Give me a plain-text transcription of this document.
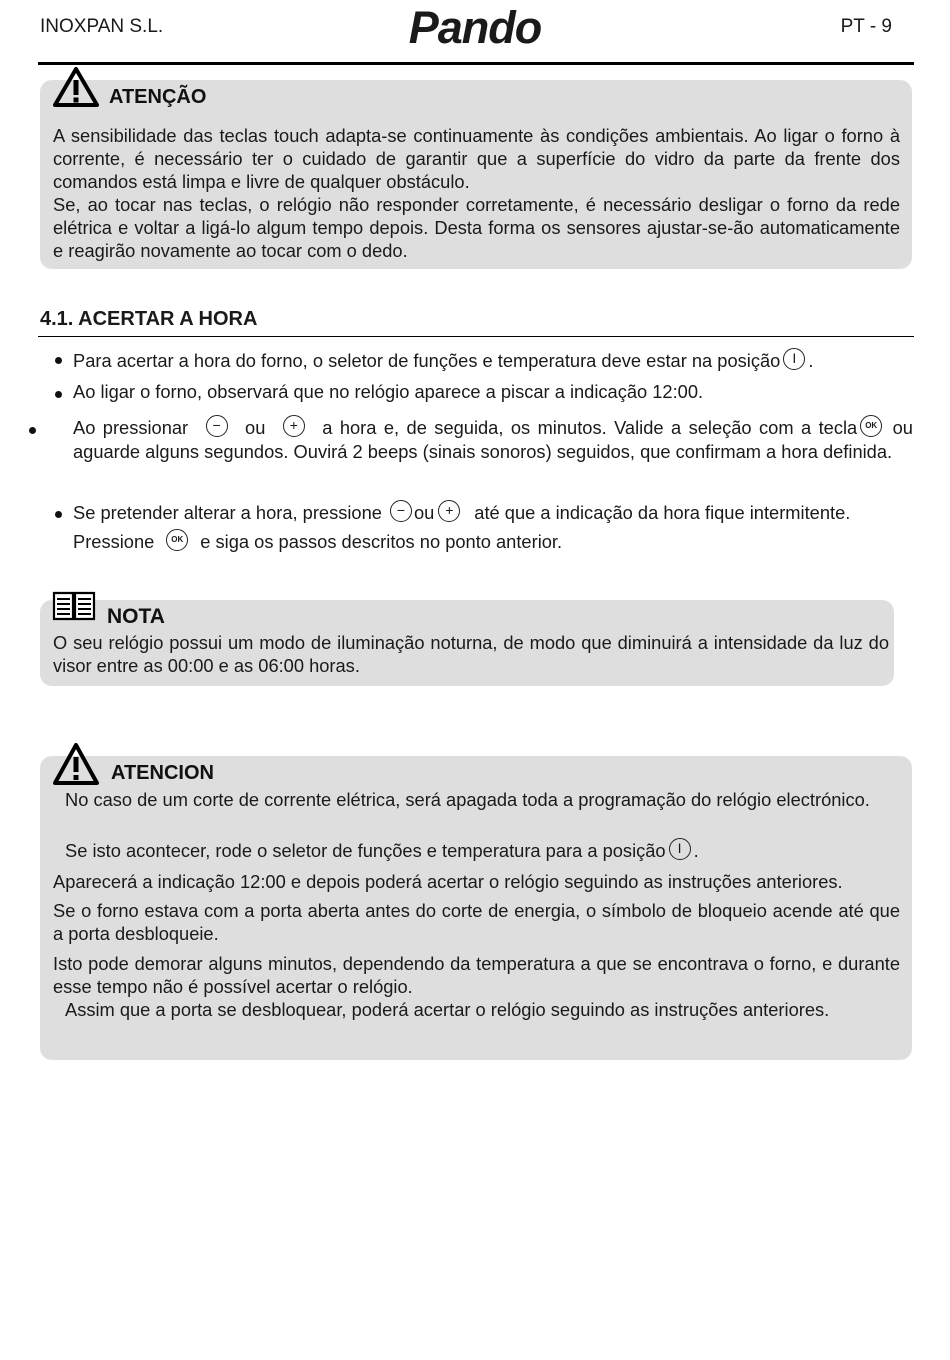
INOXPAN S.L.	Pando	PT - 9
ATENÇÃO
A sensibilidade das teclas touch adapta-se continuamente às condições ambientais. Ao ligar o forno à corrente, é necessário ter o cuidado de garantir que a superfície do vidro da parte da frente dos comandos está limpa e livre de qualquer obstáculo.
Se, ao tocar nas teclas, o relógio não responder corretamente, é necessário desligar o forno da rede elétrica e voltar a ligá-lo algum tempo depois. Desta forma os sensores ajustar-se-ão automaticamente e reagirão novamente ao tocar com o dedo.
4.1. ACERTAR A HORA
Para acertar a hora do forno, o seletor de funções e temperatura deve estar na posição I .
Ao ligar o forno, observará que no relógio aparece a piscar a indicação 12:00.
Ao pressionar	−	ou	+	a hora e, de seguida, os minutos. Valide a seleção com a tecla	OK ou aguarde alguns segundos. Ouvirá 2 beeps (sinais sonoros) seguidos, que confirmam a hora definida.
Se pretender alterar a hora, pressione	− ou +	até que a indicação da hora fique intermitente.
Pressione	OK e siga os passos descritos no ponto anterior.
NOTA
O seu relógio possui um modo de iluminação noturna, de modo que diminuirá a intensidade da luz do visor entre as 00:00 e as 06:00 horas.
ATENCION
No caso de um corte de corrente elétrica, será apagada toda a programação do relógio electrónico.
Se isto acontecer, rode o seletor de funções e temperatura para a posição I .
Aparecerá a indicação 12:00 e depois poderá acertar o relógio seguindo as instruções anteriores.
Se o forno estava com a porta aberta antes do corte de energia, o símbolo de bloqueio acende até que a porta desbloqueie.
Isto pode demorar alguns minutos, dependendo da temperatura a que se encontrava o forno, e durante esse tempo não é possível acertar o relógio.
Assim que a porta se desbloquear, poderá acertar o relógio seguindo as instruções anteriores.
